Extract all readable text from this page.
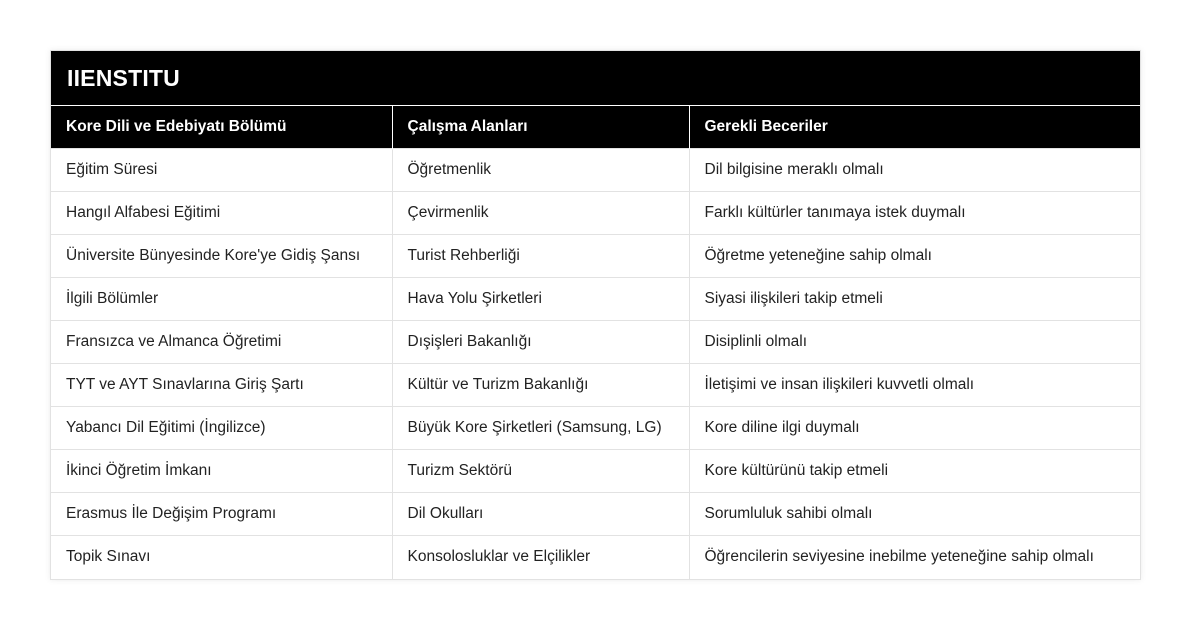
IIENSTITU
Kore Dili ve Edebiyatı Bölümü	Çalışma Alanları	Gerekli Beceriler
Eğitim Süresi	Öğretmenlik	Dil bilgisine meraklı olmalı
Hangıl Alfabesi Eğitimi	Çevirmenlik	Farklı kültürler tanımaya istek duymalı
Üniversite Bünyesinde Kore'ye Gidiş Şansı	Turist Rehberliği	Öğretme yeteneğine sahip olmalı
İlgili Bölümler	Hava Yolu Şirketleri	Siyasi ilişkileri takip etmeli
Fransızca ve Almanca Öğretimi	Dışişleri Bakanlığı	Disiplinli olmalı
TYT ve AYT Sınavlarına Giriş Şartı	Kültür ve Turizm Bakanlığı	İletişimi ve insan ilişkileri kuvvetli olmalı
Yabancı Dil Eğitimi (İngilizce)	Büyük Kore Şirketleri (Samsung, LG)	Kore diline ilgi duymalı
İkinci Öğretim İmkanı	Turizm Sektörü	Kore kültürünü takip etmeli
Erasmus İle Değişim Programı	Dil Okulları	Sorumluluk sahibi olmalı
Topik Sınavı	Konsolosluklar ve Elçilikler	Öğrencilerin seviyesine inebilme yeteneğine sahip olmalı
